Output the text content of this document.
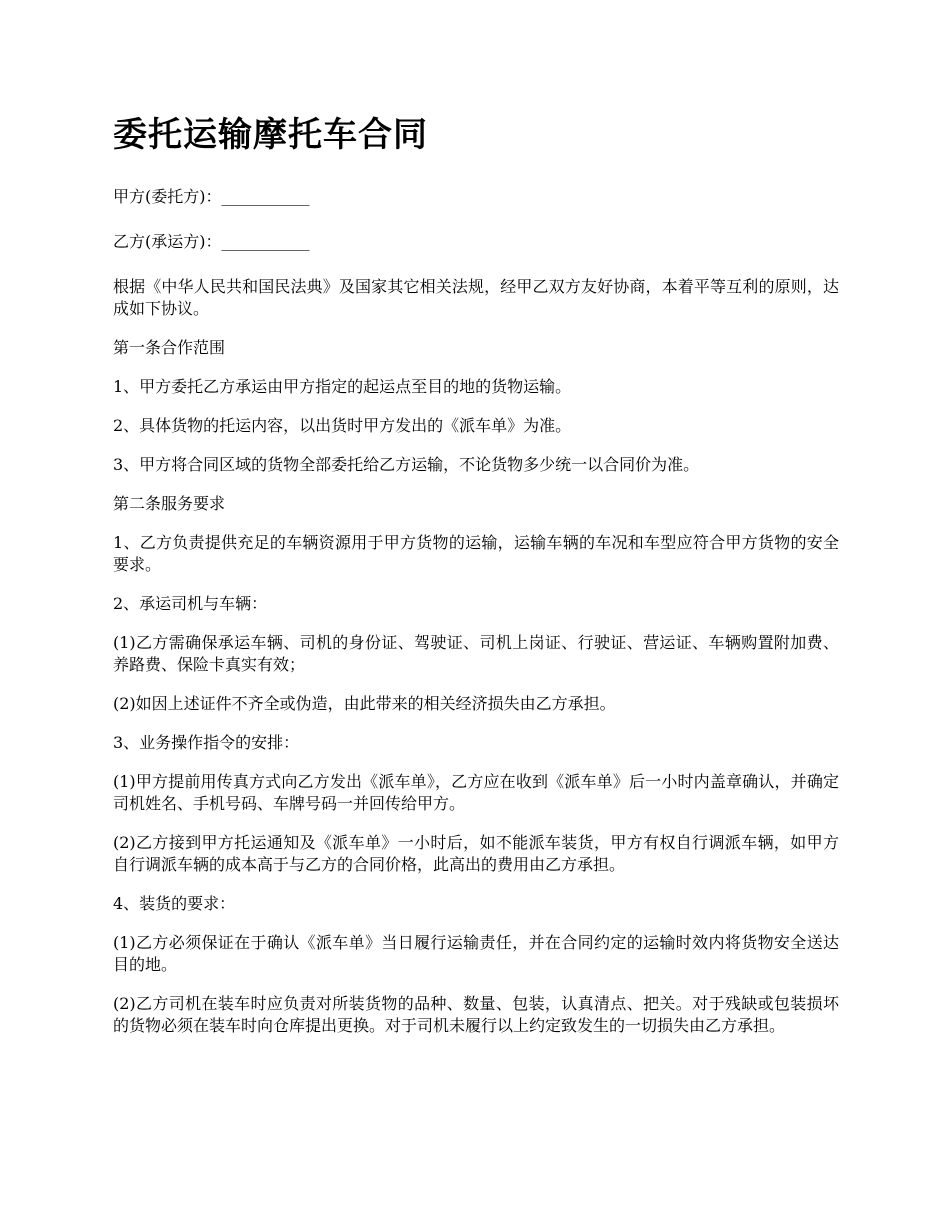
委托运输摩托车合同

甲方(委托方)：___________

乙方(承运方)：___________

根据《中华人民共和国民法典》及国家其它相关法规，经甲乙双方友好协商，本着平等互利的原则，达成如下协议。

第一条合作范围

1、甲方委托乙方承运由甲方指定的起运点至目的地的货物运输。

2、具体货物的托运内容，以出货时甲方发出的《派车单》为准。

3、甲方将合同区域的货物全部委托给乙方运输，不论货物多少统一以合同价为准。

第二条服务要求

1、乙方负责提供充足的车辆资源用于甲方货物的运输，运输车辆的车况和车型应符合甲方货物的安全要求。

2、承运司机与车辆：

(1)乙方需确保承运车辆、司机的身份证、驾驶证、司机上岗证、行驶证、营运证、车辆购置附加费、养路费、保险卡真实有效；

(2)如因上述证件不齐全或伪造，由此带来的相关经济损失由乙方承担。

3、业务操作指令的安排：

(1)甲方提前用传真方式向乙方发出《派车单》，乙方应在收到《派车单》后一小时内盖章确认，并确定司机姓名、手机号码、车牌号码一并回传给甲方。

(2)乙方接到甲方托运通知及《派车单》一小时后，如不能派车装货，甲方有权自行调派车辆，如甲方自行调派车辆的成本高于与乙方的合同价格，此高出的费用由乙方承担。

4、装货的要求：

(1)乙方必须保证在于确认《派车单》当日履行运输责任，并在合同约定的运输时效内将货物安全送达目的地。

(2)乙方司机在装车时应负责对所装货物的品种、数量、包装，认真清点、把关。对于残缺或包装损坏的货物必须在装车时向仓库提出更换。对于司机未履行以上约定致发生的一切损失由乙方承担。
